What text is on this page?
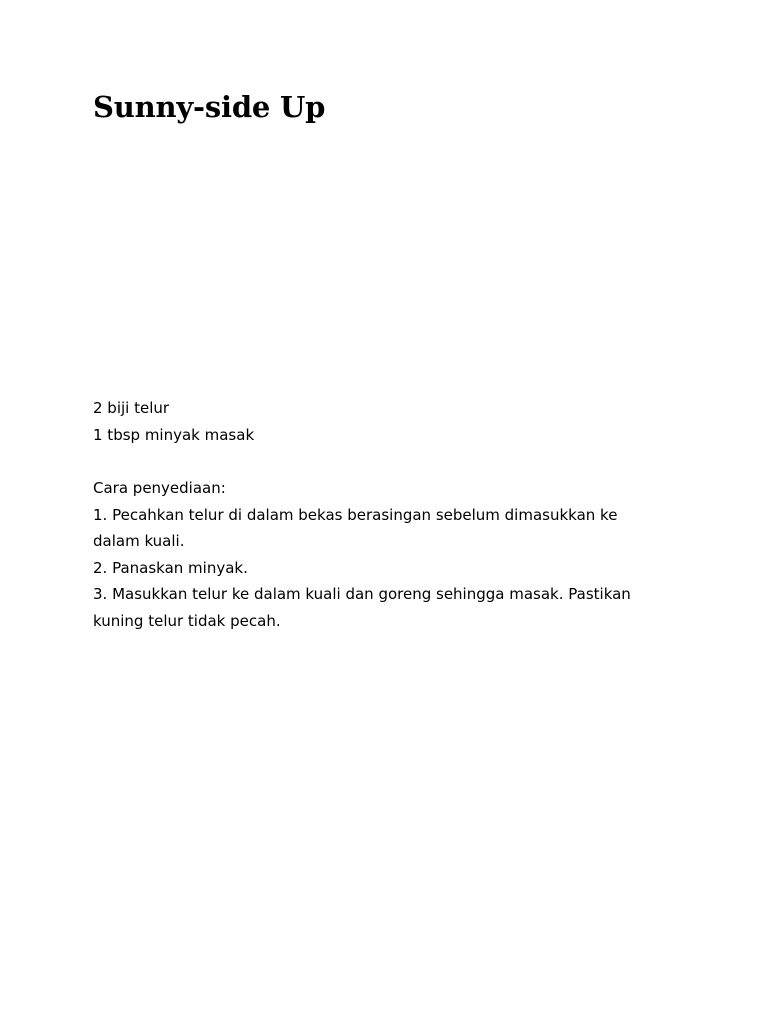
Sunny-side Up
2 biji telur
1 tbsp minyak masak
Cara penyediaan:
1. Pecahkan telur di dalam bekas berasingan sebelum dimasukkan ke
dalam kuali.
2. Panaskan minyak.
3. Masukkan telur ke dalam kuali dan goreng sehingga masak. Pastikan
kuning telur tidak pecah.
